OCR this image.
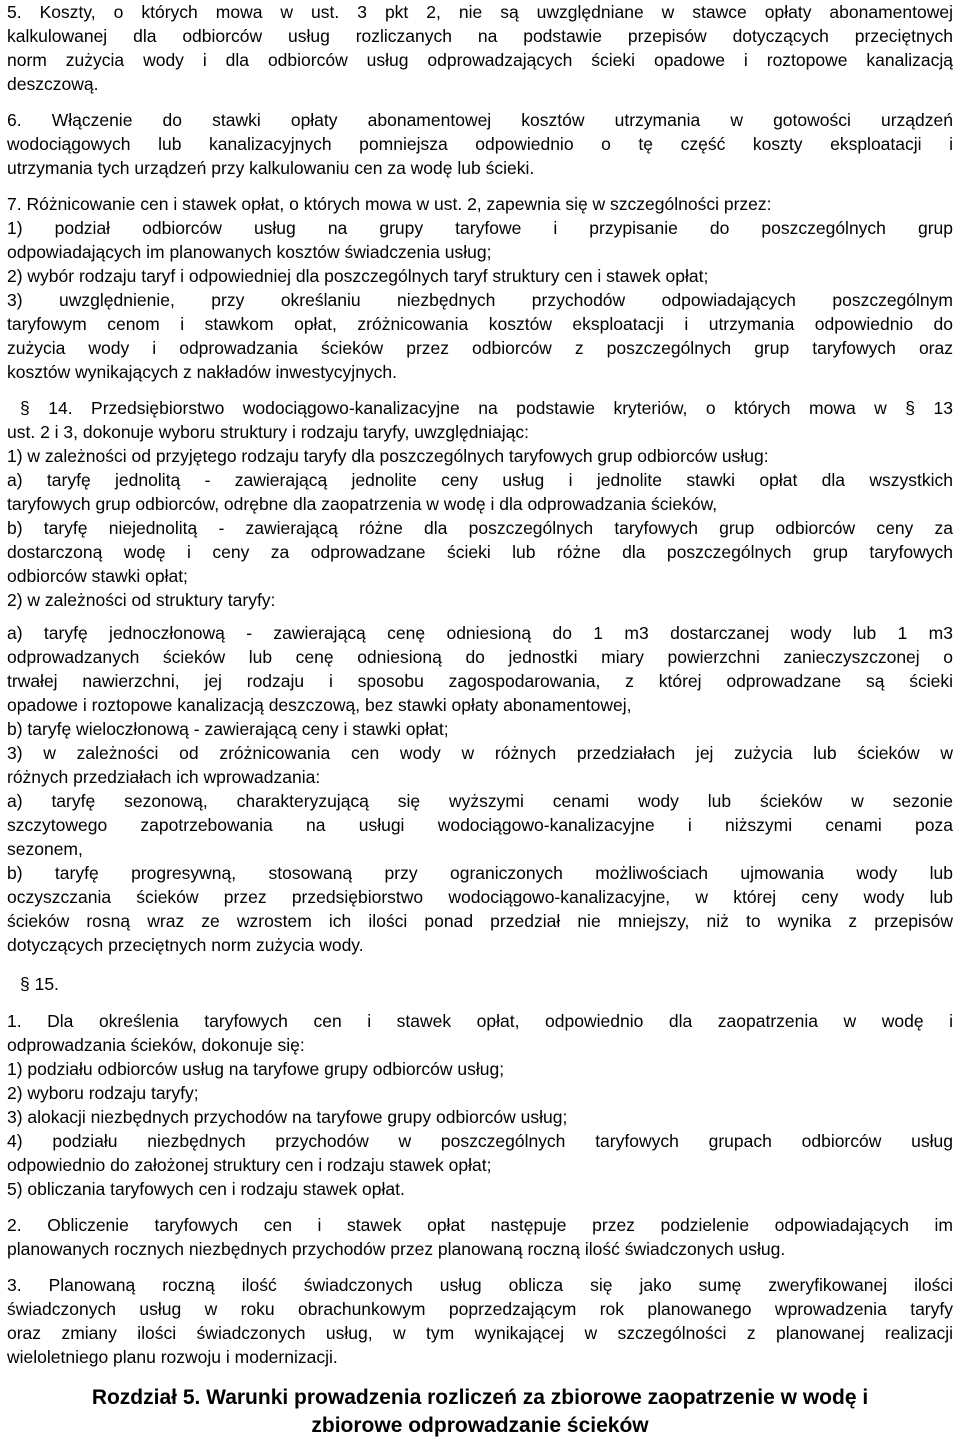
5. Koszty, o których mowa w ust. 3 pkt 2, nie są uwzględniane w stawce opłaty abonamentowej
kalkulowanej dla odbiorców usług rozliczanych na podstawie przepisów dotyczących przeciętnych
norm zużycia wody i dla odbiorców usług odprowadzających ścieki opadowe i roztopowe kanalizacją
deszczową.
6. Włączenie do stawki opłaty abonamentowej kosztów utrzymania w gotowości urządzeń
wodociągowych lub kanalizacyjnych pomniejsza odpowiednio o tę część koszty eksploatacji i
utrzymania tych urządzeń przy kalkulowaniu cen za wodę lub ścieki.
7. Różnicowanie cen i stawek opłat, o których mowa w ust. 2, zapewnia się w szczególności przez:
1) podział odbiorców usług na grupy taryfowe i przypisanie do poszczególnych grup
odpowiadających im planowanych kosztów świadczenia usług;
2) wybór rodzaju taryf i odpowiedniej dla poszczególnych taryf struktury cen i stawek opłat;
3) uwzględnienie, przy określaniu niezbędnych przychodów odpowiadających poszczególnym
taryfowym cenom i stawkom opłat, zróżnicowania kosztów eksploatacji i utrzymania odpowiednio do
zużycia wody i odprowadzania ścieków przez odbiorców z poszczególnych grup taryfowych oraz
kosztów wynikających z nakładów inwestycyjnych.
§ 14. Przedsiębiorstwo wodociągowo-kanalizacyjne na podstawie kryteriów, o których mowa w § 13
ust. 2 i 3, dokonuje wyboru struktury i rodzaju taryfy, uwzględniając:
1) w zależności od przyjętego rodzaju taryfy dla poszczególnych taryfowych grup odbiorców usług:
a) taryfę jednolitą - zawierającą jednolite ceny usług i jednolite stawki opłat dla wszystkich
taryfowych grup odbiorców, odrębne dla zaopatrzenia w wodę i dla odprowadzania ścieków,
b) taryfę niejednolitą - zawierającą różne dla poszczególnych taryfowych grup odbiorców ceny za
dostarczoną wodę i ceny za odprowadzane ścieki lub różne dla poszczególnych grup taryfowych
odbiorców stawki opłat;
2) w zależności od struktury taryfy:
a) taryfę jednoczłonową - zawierającą cenę odniesioną do 1 m3 dostarczanej wody lub 1 m3
odprowadzanych ścieków lub cenę odniesioną do jednostki miary powierzchni zanieczyszczonej o
trwałej nawierzchni, jej rodzaju i sposobu zagospodarowania, z której odprowadzane są ścieki
opadowe i roztopowe kanalizacją deszczową, bez stawki opłaty abonamentowej,
b) taryfę wieloczłonową - zawierającą ceny i stawki opłat;
3) w zależności od zróżnicowania cen wody w różnych przedziałach jej zużycia lub ścieków w
różnych przedziałach ich wprowadzania:
a) taryfę sezonową, charakteryzującą się wyższymi cenami wody lub ścieków w sezonie
szczytowego zapotrzebowania na usługi wodociągowo-kanalizacyjne i niższymi cenami poza
sezonem,
b) taryfę progresywną, stosowaną przy ograniczonych możliwościach ujmowania wody lub
oczyszczania ścieków przez przedsiębiorstwo wodociągowo-kanalizacyjne, w której ceny wody lub
ścieków rosną wraz ze wzrostem ich ilości ponad przedział nie mniejszy, niż to wynika z przepisów
dotyczących przeciętnych norm zużycia wody.
§ 15.
1. Dla określenia taryfowych cen i stawek opłat, odpowiednio dla zaopatrzenia w wodę i
odprowadzania ścieków, dokonuje się:
1) podziału odbiorców usług na taryfowe grupy odbiorców usług;
2) wyboru rodzaju taryfy;
3) alokacji niezbędnych przychodów na taryfowe grupy odbiorców usług;
4) podziału niezbędnych przychodów w poszczególnych taryfowych grupach odbiorców usług
odpowiednio do założonej struktury cen i rodzaju stawek opłat;
5) obliczania taryfowych cen i rodzaju stawek opłat.
2. Obliczenie taryfowych cen i stawek opłat następuje przez podzielenie odpowiadających im
planowanych rocznych niezbędnych przychodów przez planowaną roczną ilość świadczonych usług.
3. Planowaną roczną ilość świadczonych usług oblicza się jako sumę zweryfikowanej ilości
świadczonych usług w roku obrachunkowym poprzedzającym rok planowanego wprowadzenia taryfy
oraz zmiany ilości świadczonych usług, w tym wynikającej w szczególności z planowanej realizacji
wieloletniego planu rozwoju i modernizacji.
Rozdział 5. Warunki prowadzenia rozliczeń za zbiorowe zaopatrzenie w wodę i
zbiorowe odprowadzanie ścieków
